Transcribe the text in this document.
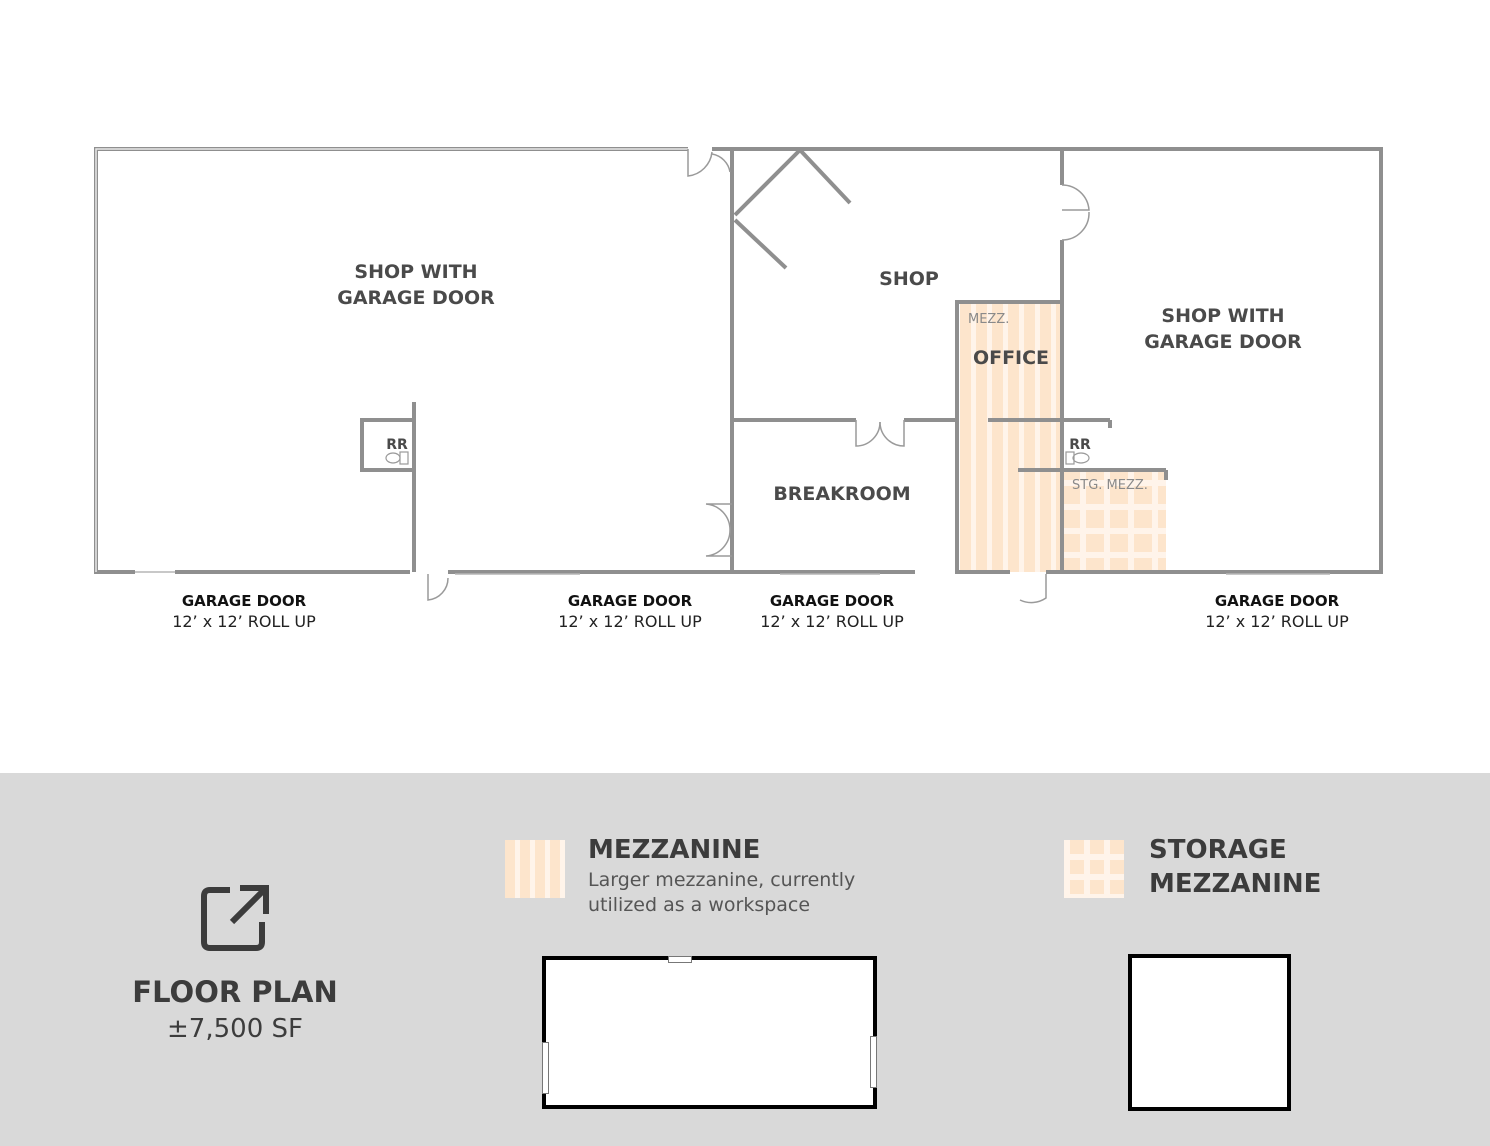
SHOP WITH
GARAGE DOOR
SHOP
SHOP WITH
GARAGE DOOR
OFFICE
MEZZ.
BREAKROOM
RR	RR
STG. MEZZ.
GARAGE DOOR
12’ x 12’ ROLL UP
GARAGE DOOR
12’ x 12’ ROLL UP
GARAGE DOOR
12’ x 12’ ROLL UP
GARAGE DOOR
12’ x 12’ ROLL UP
FLOOR PLAN
±7,500 SF
MEZZANINE
Larger mezzanine, currently
utilized as a workspace
STORAGE
MEZZANINE
